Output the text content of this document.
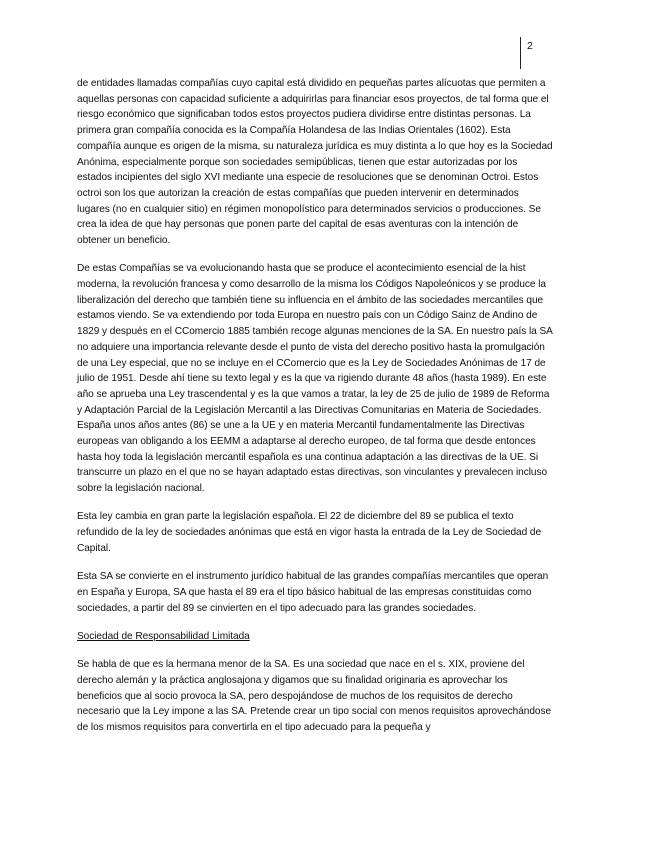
2

de entidades llamadas compañías cuyo capital está dividido en pequeñas partes alícuotas que permiten a aquellas personas con capacidad suficiente a adquirirlas para financiar esos proyectos, de tal forma que el riesgo económico que significaban todos estos proyectos pudiera dividirse entre distintas personas. La primera gran compañía conocida es la Compañía Holandesa de las Indias Orientales (1602). Esta compañía aunque es origen de la misma, su naturaleza jurídica es muy distinta a lo que hoy es la Sociedad Anónima, especialmente porque son sociedades semipúblicas, tienen que estar autorizadas por los estados incipientes del siglo XVI mediante una especie de resoluciones que se denominan Octroi. Estos octroi son los que autorizan la creación de estas compañías que pueden intervenir en determinados lugares (no en cualquier sitio) en régimen monopolístico para determinados servicios o producciones. Se crea la idea de que hay personas que ponen parte del capital de esas aventuras con la intención de obtener un beneficio.

De estas Compañías se va evolucionando hasta que se produce el acontecimiento esencial de la hist moderna, la revolución francesa y como desarrollo de la misma los Códigos Napoleónicos y se produce la liberalización del derecho que también tiene su influencia en el ámbito de las sociedades mercantiles que estamos viendo. Se va extendiendo por toda Europa en nuestro país con un Código Sainz de Andino de 1829 y después en el CComercio 1885 también recoge algunas menciones de la SA. En nuestro país la SA no adquiere una importancia relevante desde el punto de vista del derecho positivo hasta la promulgación de una Ley especial, que no se incluye en el CComercio que es la Ley de Sociedades Anónimas de 17 de julio de 1951. Desde ahí tiene su texto legal y es la que va rigiendo durante 48 años (hasta 1989). En este año se aprueba una Ley trascendental y es la que vamos a tratar, la ley de 25 de julio de 1989 de Reforma y Adaptación Parcial de la Legislación Mercantil a las Directivas Comunitarias en Materia de Sociedades. España unos años antes (86) se une a la UE y en materia Mercantil fundamentalmente las Directivas europeas van obligando a los EEMM a adaptarse al derecho europeo, de tal forma que desde entonces hasta hoy toda la legislación mercantil española es una continua adaptación a las directivas de la UE. Si transcurre un plazo en el que no se hayan adaptado estas directivas, son vinculantes y prevalecen incluso sobre la legislación nacional.

Esta ley cambia en gran parte la legislación española. El 22 de diciembre del 89 se publica el texto refundido de la ley de sociedades anónimas que está en vigor hasta la entrada de la Ley de Sociedad de Capital.

Esta SA se convierte en el instrumento jurídico habitual de las grandes compañías mercantiles que operan en España y Europa, SA que hasta el 89 era el tipo básico habitual de las empresas constituidas como sociedades, a partir del 89 se cinvierten en el tipo adecuado para las grandes sociedades.

Sociedad de Responsabilidad Limitada

Se habla de que es la hermana menor de la SA. Es una sociedad que nace en el s. XIX, proviene del derecho alemán y la práctica anglosajona y digamos que su finalidad originaria es aprovechar los beneficios que al socio provoca la SA, pero despojándose de muchos de los requisitos de derecho necesario que la Ley impone a las SA. Pretende crear un tipo social con menos requisitos aprovechándose de los mismos requisitos para convertirla en el tipo adecuado para la pequeña y
